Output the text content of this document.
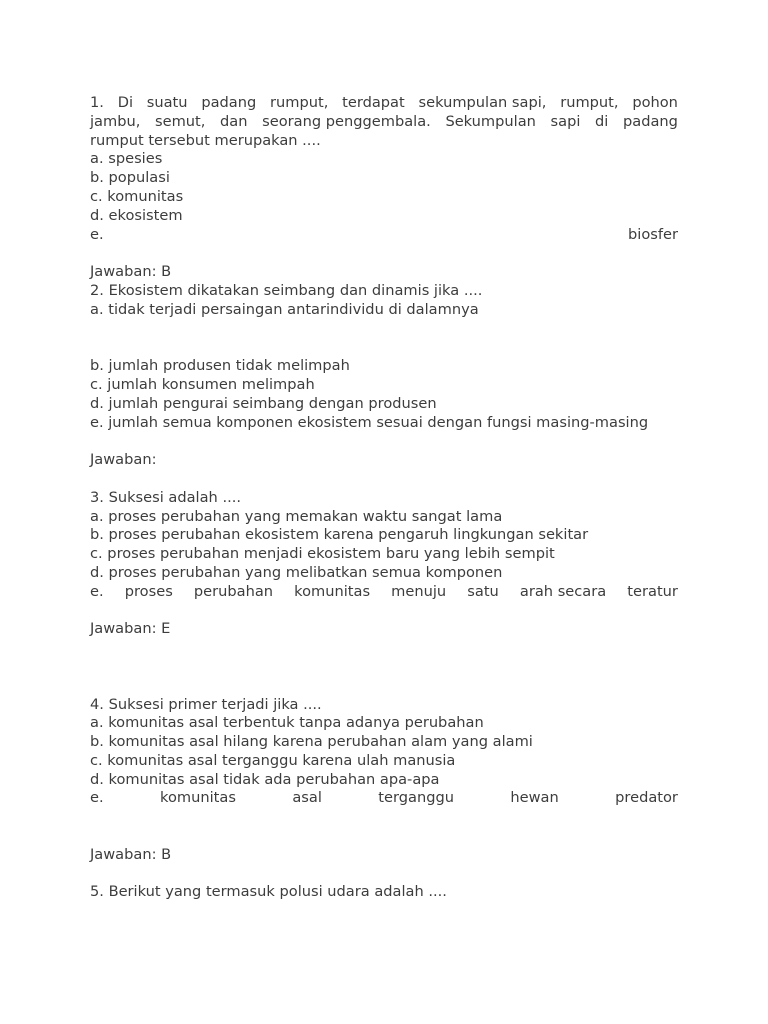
1. Di suatu padang rumput, terdapat sekumpulan sapi, rumput, pohon
jambu, semut, dan seorang penggembala. Sekumpulan sapi di padang
rumput tersebut merupakan ....
a. spesies
b. populasi
c. komunitas
d. ekosistem
e.	biosfer
Jawaban: B
2. Ekosistem dikatakan seimbang dan dinamis jika ....
a. tidak terjadi persaingan antarindividu di dalamnya
b. jumlah produsen tidak melimpah
c. jumlah konsumen melimpah
d. jumlah pengurai seimbang dengan produsen
e. jumlah semua komponen ekosistem sesuai dengan fungsi masing-masing
Jawaban:
3. Suksesi adalah ....
a. proses perubahan yang memakan waktu sangat lama
b. proses perubahan ekosistem karena pengaruh lingkungan sekitar
c. proses perubahan menjadi ekosistem baru yang lebih sempit
d. proses perubahan yang melibatkan semua komponen
e. proses perubahan komunitas menuju satu arah secara teratur
Jawaban: E
4. Suksesi primer terjadi jika ....
a. komunitas asal terbentuk tanpa adanya perubahan
b. komunitas asal hilang karena perubahan alam yang alami
c. komunitas asal terganggu karena ulah manusia
d. komunitas asal tidak ada perubahan apa-apa
e.	komunitas	asal	terganggu	hewan	predator
Jawaban: B
5. Berikut yang termasuk polusi udara adalah ....
